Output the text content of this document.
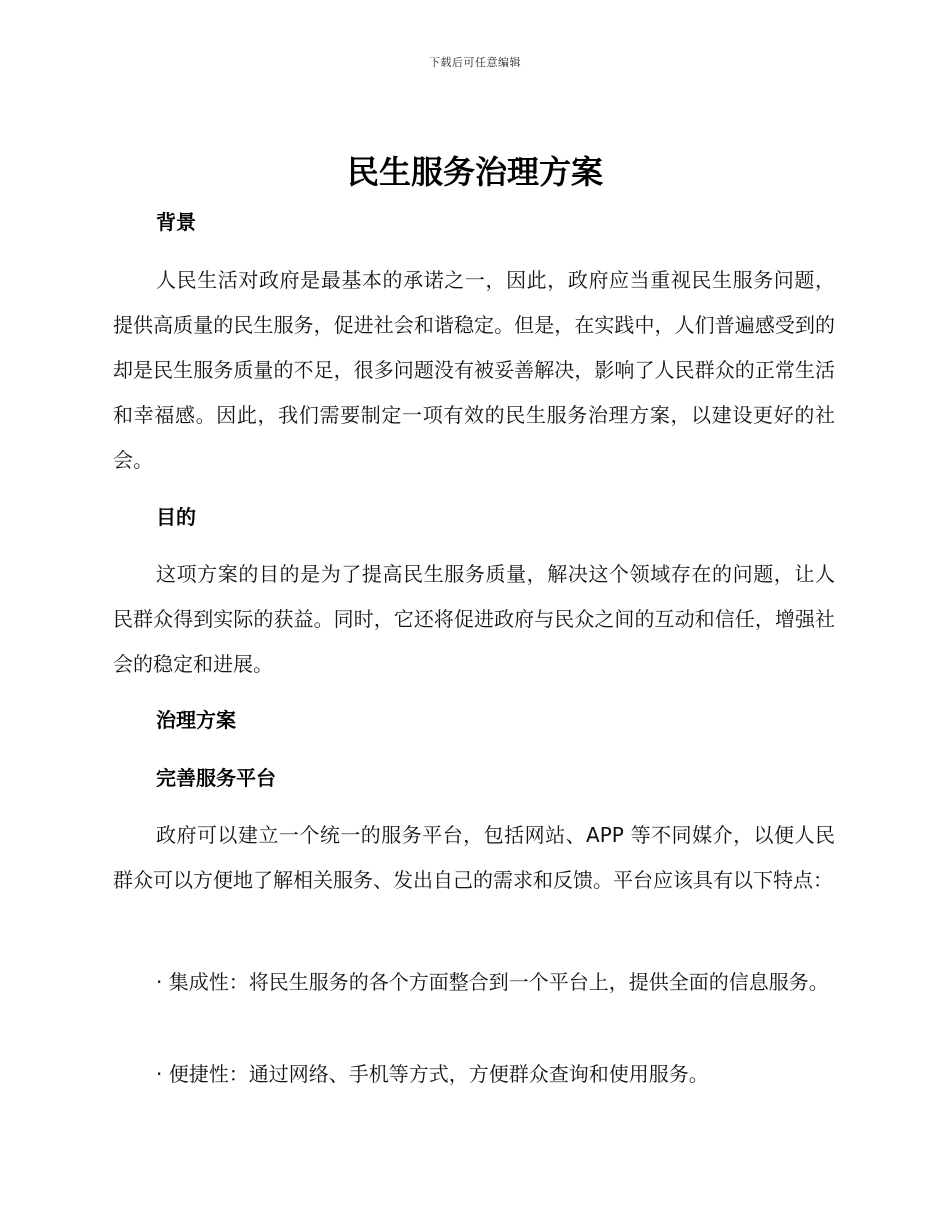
下载后可任意编辑
民生服务治理方案
背景
人民生活对政府是最基本的承诺之一，因此，政府应当重视民生服务问题，提供高质量的民生服务，促进社会和谐稳定。但是，在实践中，人们普遍感受到的却是民生服务质量的不足，很多问题没有被妥善解决，影响了人民群众的正常生活和幸福感。因此，我们需要制定一项有效的民生服务治理方案，以建设更好的社会。
目的
这项方案的目的是为了提高民生服务质量，解决这个领域存在的问题，让人民群众得到实际的获益。同时，它还将促进政府与民众之间的互动和信任，增强社会的稳定和进展。
治理方案
完善服务平台
政府可以建立一个统一的服务平台，包括网站、APP 等不同媒介，以便人民群众可以方便地了解相关服务、发出自己的需求和反馈。平台应该具有以下特点：
· 集成性：将民生服务的各个方面整合到一个平台上，提供全面的信息服务。
· 便捷性：通过网络、手机等方式，方便群众查询和使用服务。
